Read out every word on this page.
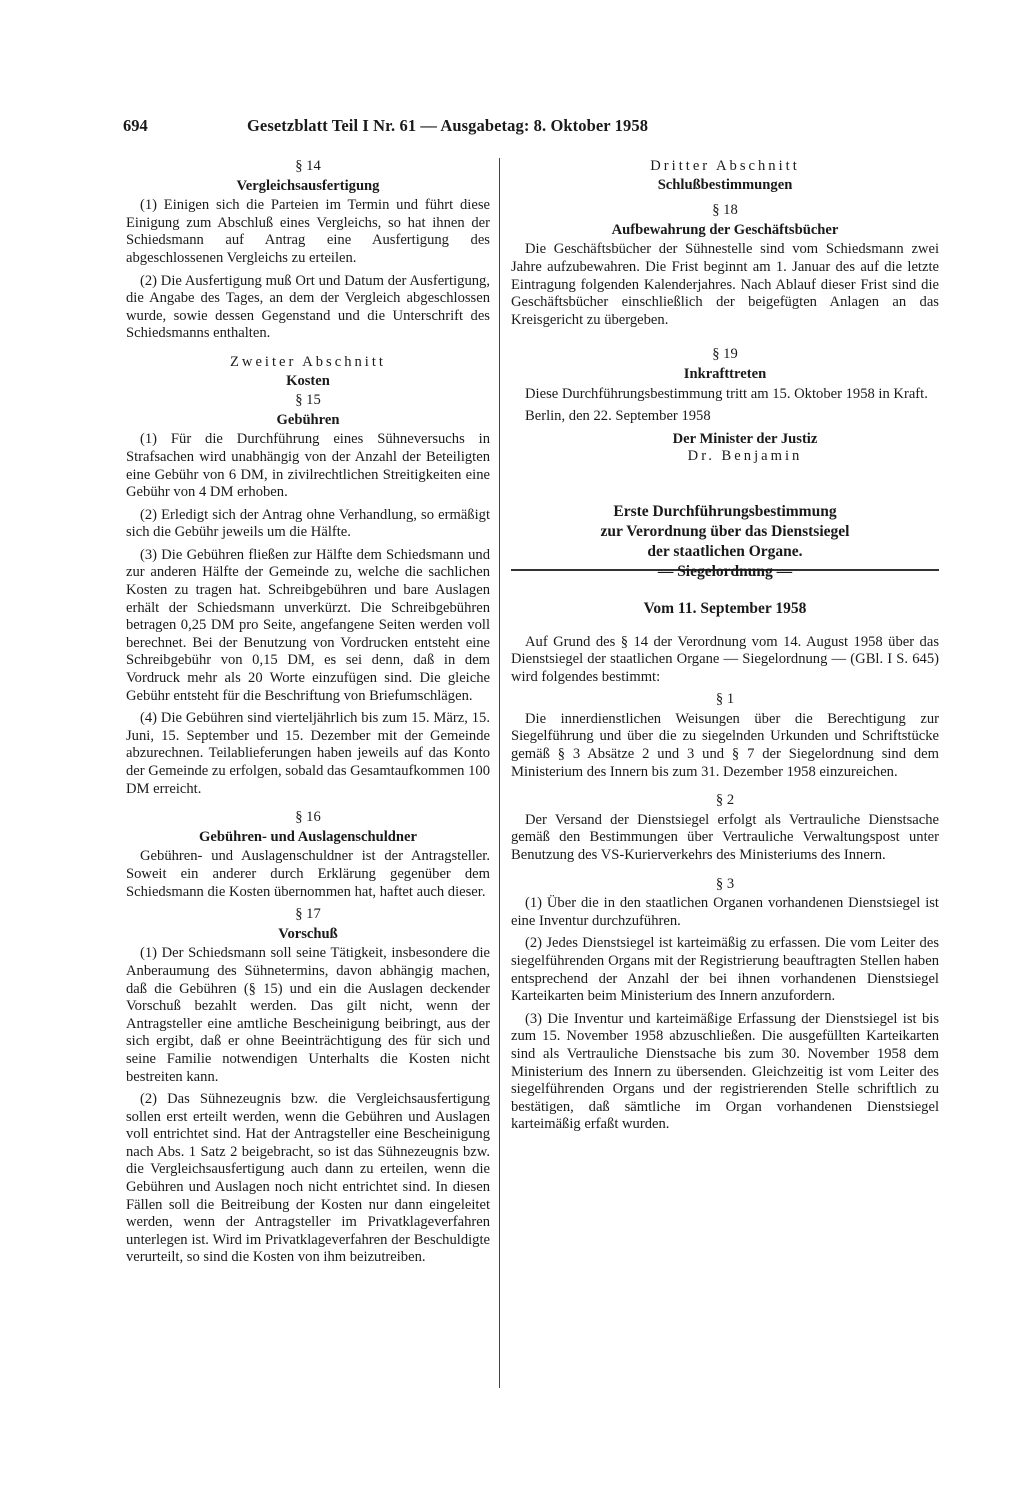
694	Gesetzblatt Teil I Nr. 61 — Ausgabetag: 8. Oktober 1958
§ 14
Vergleichsausfertigung

(1) Einigen sich die Parteien im Termin und führt diese Einigung zum Abschluß eines Vergleichs, so hat ihnen der Schiedsmann auf Antrag eine Ausfertigung des abgeschlossenen Vergleichs zu erteilen.

(2) Die Ausfertigung muß Ort und Datum der Ausfertigung, die Angabe des Tages, an dem der Vergleich abgeschlossen wurde, sowie dessen Gegenstand und die Unterschrift des Schiedsmanns enthalten.

Zweiter Abschnitt
Kosten
§ 15
Gebühren

(1) Für die Durchführung eines Sühneversuchs in Strafsachen wird unabhängig von der Anzahl der Beteiligten eine Gebühr von 6 DM, in zivilrechtlichen Streitigkeiten eine Gebühr von 4 DM erhoben.

(2) Erledigt sich der Antrag ohne Verhandlung, so ermäßigt sich die Gebühr jeweils um die Hälfte.

(3) Die Gebühren fließen zur Hälfte dem Schiedsmann und zur anderen Hälfte der Gemeinde zu, welche die sachlichen Kosten zu tragen hat. Schreibgebühren und bare Auslagen erhält der Schiedsmann unverkürzt. Die Schreibgebühren betragen 0,25 DM pro Seite, angefangene Seiten werden voll berechnet. Bei der Benutzung von Vordrucken entsteht eine Schreibgebühr von 0,15 DM, es sei denn, daß in dem Vordruck mehr als 20 Worte einzufügen sind. Die gleiche Gebühr entsteht für die Beschriftung von Briefumschlägen.

(4) Die Gebühren sind vierteljährlich bis zum 15. März, 15. Juni, 15. September und 15. Dezember mit der Gemeinde abzurechnen. Teilablieferungen haben jeweils auf das Konto der Gemeinde zu erfolgen, sobald das Gesamtaufkommen 100 DM erreicht.

§ 16
Gebühren- und Auslagenschuldner

Gebühren- und Auslagenschuldner ist der Antragsteller. Soweit ein anderer durch Erklärung gegenüber dem Schiedsmann die Kosten übernommen hat, haftet auch dieser.

§ 17
Vorschuß

(1) Der Schiedsmann soll seine Tätigkeit, insbesondere die Anberaumung des Sühnetermins, davon abhängig machen, daß die Gebühren (§ 15) und ein die Auslagen deckender Vorschuß bezahlt werden. Das gilt nicht, wenn der Antragsteller eine amtliche Bescheinigung beibringt, aus der sich ergibt, daß er ohne Beeinträchtigung des für sich und seine Familie notwendigen Unterhalts die Kosten nicht bestreiten kann.

(2) Das Sühnezeugnis bzw. die Vergleichsausfertigung sollen erst erteilt werden, wenn die Gebühren und Auslagen voll entrichtet sind. Hat der Antragsteller eine Bescheinigung nach Abs. 1 Satz 2 beigebracht, so ist das Sühnezeugnis bzw. die Vergleichsausfertigung auch dann zu erteilen, wenn die Gebühren und Auslagen noch nicht entrichtet sind. In diesen Fällen soll die Beitreibung der Kosten nur dann eingeleitet werden, wenn der Antragsteller im Privatklageverfahren unterlegen ist. Wird im Privatklageverfahren der Beschuldigte verurteilt, so sind die Kosten von ihm beizutreiben.

Dritter Abschnitt
Schlußbestimmungen
§ 18
Aufbewahrung der Geschäftsbücher

Die Geschäftsbücher der Sühnestelle sind vom Schiedsmann zwei Jahre aufzubewahren. Die Frist beginnt am 1. Januar des auf die letzte Eintragung folgenden Kalenderjahres. Nach Ablauf dieser Frist sind die Geschäftsbücher einschließlich der beigefügten Anlagen an das Kreisgericht zu übergeben.

§ 19
Inkrafttreten

Diese Durchführungsbestimmung tritt am 15. Oktober 1958 in Kraft.

Berlin, den 22. September 1958

Der Minister der Justiz
Dr. Benjamin
Erste Durchführungsbestimmung
zur Verordnung über das Dienstsiegel
der staatlichen Organe.
— Siegelordnung —
Vom 11. September 1958

Auf Grund des § 14 der Verordnung vom 14. August 1958 über das Dienstsiegel der staatlichen Organe — Siegelordnung — (GBl. I S. 645) wird folgendes bestimmt:

§ 1

Die innerdienstlichen Weisungen über die Berechtigung zur Siegelführung und über die zu siegelnden Urkunden und Schriftstücke gemäß § 3 Absätze 2 und 3 und § 7 der Siegelordnung sind dem Ministerium des Innern bis zum 31. Dezember 1958 einzureichen.

§ 2

Der Versand der Dienstsiegel erfolgt als Vertrauliche Dienstsache gemäß den Bestimmungen über Vertrauliche Verwaltungspost unter Benutzung des VS-Kurierverkehrs des Ministeriums des Innern.

§ 3

(1) Über die in den staatlichen Organen vorhandenen Dienstsiegel ist eine Inventur durchzuführen.

(2) Jedes Dienstsiegel ist karteimäßig zu erfassen. Die vom Leiter des siegelführenden Organs mit der Registrierung beauftragten Stellen haben entsprechend der Anzahl der bei ihnen vorhandenen Dienstsiegel Karteikarten beim Ministerium des Innern anzufordern.

(3) Die Inventur und karteimäßige Erfassung der Dienstsiegel ist bis zum 15. November 1958 abzuschließen. Die ausgefüllten Karteikarten sind als Vertrauliche Dienstsache bis zum 30. November 1958 dem Ministerium des Innern zu übersenden. Gleichzeitig ist vom Leiter des siegelführenden Organs und der registrierenden Stelle schriftlich zu bestätigen, daß sämtliche im Organ vorhandenen Dienstsiegel karteimäßig erfaßt wurden.
